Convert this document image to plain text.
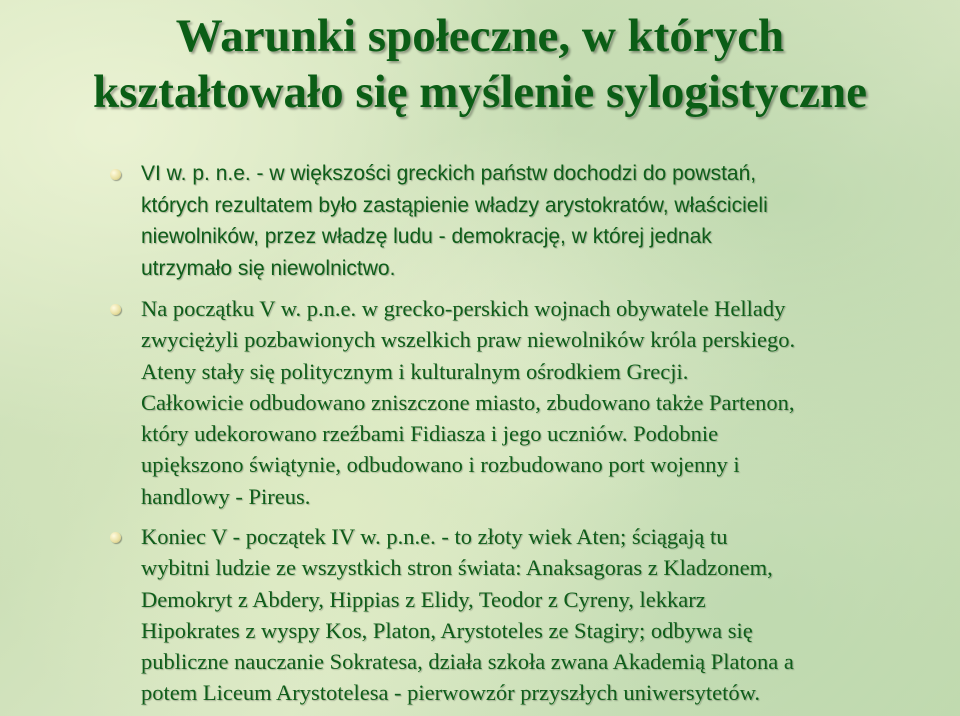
Warunki społeczne, w których
kształtowało się myślenie sylogistyczne
VI w. p. n.e. - w większości greckich państw dochodzi do powstań,
których rezultatem było zastąpienie władzy arystokratów, właścicieli
niewolników, przez władzę ludu - demokrację, w której jednak
utrzymało się niewolnictwo.
Na początku V w. p.n.e. w grecko-perskich wojnach obywatele Hellady
zwyciężyli pozbawionych wszelkich praw niewolników króla perskiego.
Ateny stały się politycznym i kulturalnym ośrodkiem Grecji.
Całkowicie odbudowano zniszczone miasto, zbudowano także Partenon,
który udekorowano rzeźbami Fidiasza i jego uczniów. Podobnie
upiększono świątynie, odbudowano i rozbudowano port wojenny i
handlowy - Pireus.
Koniec V - początek IV w. p.n.e. - to złoty wiek Aten; ściągają tu
wybitni ludzie ze wszystkich stron świata: Anaksagoras z Kladzonem,
Demokryt z Abdery, Hippias z Elidy, Teodor z Cyreny, lekkarz
Hipokrates z wyspy Kos, Platon, Arystoteles ze Stagiry; odbywa się
publiczne nauczanie Sokratesa, działa szkoła zwana Akademią Platona a
potem Liceum Arystotelesa - pierwowzór przyszłych uniwersytetów.
